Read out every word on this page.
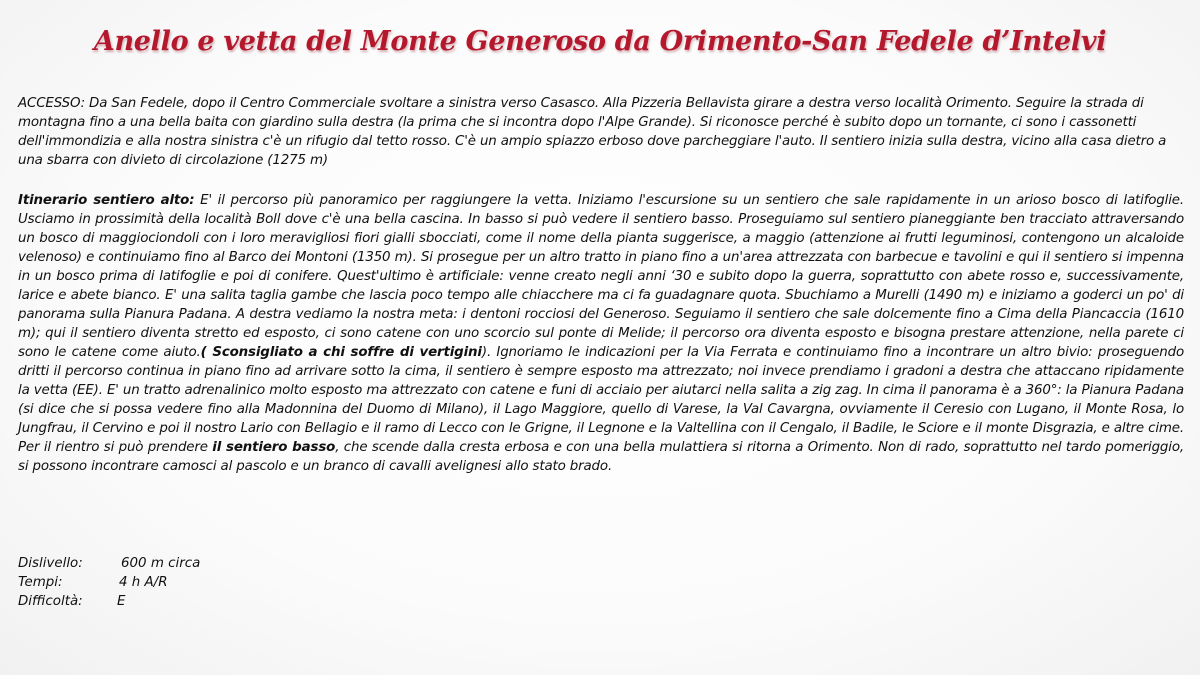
Anello e vetta del Monte Generoso da Orimento-San Fedele d’Intelvi

ACCESSO: Da San Fedele, dopo il Centro Commerciale svoltare a sinistra verso Casasco. Alla Pizzeria Bellavista girare a destra verso località Orimento. Seguire la strada di montagna fino a una bella baita con giardino sulla destra (la prima che si incontra dopo l'Alpe Grande). Si riconosce perché è subito dopo un tornante, ci sono i cassonetti dell'immondizia e alla nostra sinistra c'è un rifugio dal tetto rosso. C'è un ampio spiazzo erboso dove parcheggiare l'auto. Il sentiero inizia sulla destra, vicino alla casa dietro a una sbarra con divieto di circolazione (1275 m)

Itinerario sentiero alto: E' il percorso più panoramico per raggiungere la vetta. Iniziamo l'escursione su un sentiero che sale rapidamente in un arioso bosco di latifoglie. Usciamo in prossimità della località Boll dove c'è una bella cascina. In basso si può vedere il sentiero basso. Proseguiamo sul sentiero pianeggiante ben tracciato attraversando un bosco di maggiociondoli con i loro meravigliosi fiori gialli sbocciati, come il nome della pianta suggerisce, a maggio (attenzione ai frutti leguminosi, contengono un alcaloide velenoso) e continuiamo fino al Barco dei Montoni (1350 m). Si prosegue per un altro tratto in piano fino a un'area attrezzata con barbecue e tavolini e qui il sentiero si impenna in un bosco prima di latifoglie e poi di conifere. Quest'ultimo è artificiale: venne creato negli anni ‘30 e subito dopo la guerra, soprattutto con abete rosso e, successivamente, larice e abete bianco. E' una salita taglia gambe che lascia poco tempo alle chiacchere ma ci fa guadagnare quota. Sbuchiamo a Murelli (1490 m) e iniziamo a goderci un po' di panorama sulla Pianura Padana. A destra vediamo la nostra meta: i dentoni rocciosi del Generoso. Seguiamo il sentiero che sale dolcemente fino a Cima della Piancaccia (1610 m); qui il sentiero diventa stretto ed esposto, ci sono catene con uno scorcio sul ponte di Melide; il percorso ora diventa esposto e bisogna prestare attenzione, nella parete ci sono le catene come aiuto.( Sconsigliato a chi soffre di vertigini). Ignoriamo le indicazioni per la Via Ferrata e continuiamo fino a incontrare un altro bivio: proseguendo dritti il percorso continua in piano fino ad arrivare sotto la cima, il sentiero è sempre esposto ma attrezzato; noi invece prendiamo i gradoni a destra che attaccano ripidamente la vetta (EE). E' un tratto adrenalinico molto esposto ma attrezzato con catene e funi di acciaio per aiutarci nella salita a zig zag. In cima il panorama è a 360°: la Pianura Padana (si dice che si possa vedere fino alla Madonnina del Duomo di Milano), il Lago Maggiore, quello di Varese, la Val Cavargna, ovviamente il Ceresio con Lugano, il Monte Rosa, lo Jungfrau, il Cervino e poi il nostro Lario con Bellagio e il ramo di Lecco con le Grigne, il Legnone e la Valtellina con il Cengalo, il Badile, le Sciore e il monte Disgrazia, e altre cime. Per il rientro si può prendere il sentiero basso, che scende dalla cresta erbosa e con una bella mulattiera si ritorna a Orimento. Non di rado, soprattutto nel tardo pomeriggio, si possono incontrare camosci al pascolo e un branco di cavalli avelignesi allo stato brado.

Dislivello:	600 m circa
Tempi:	4 h A/R
Difficoltà:	E
